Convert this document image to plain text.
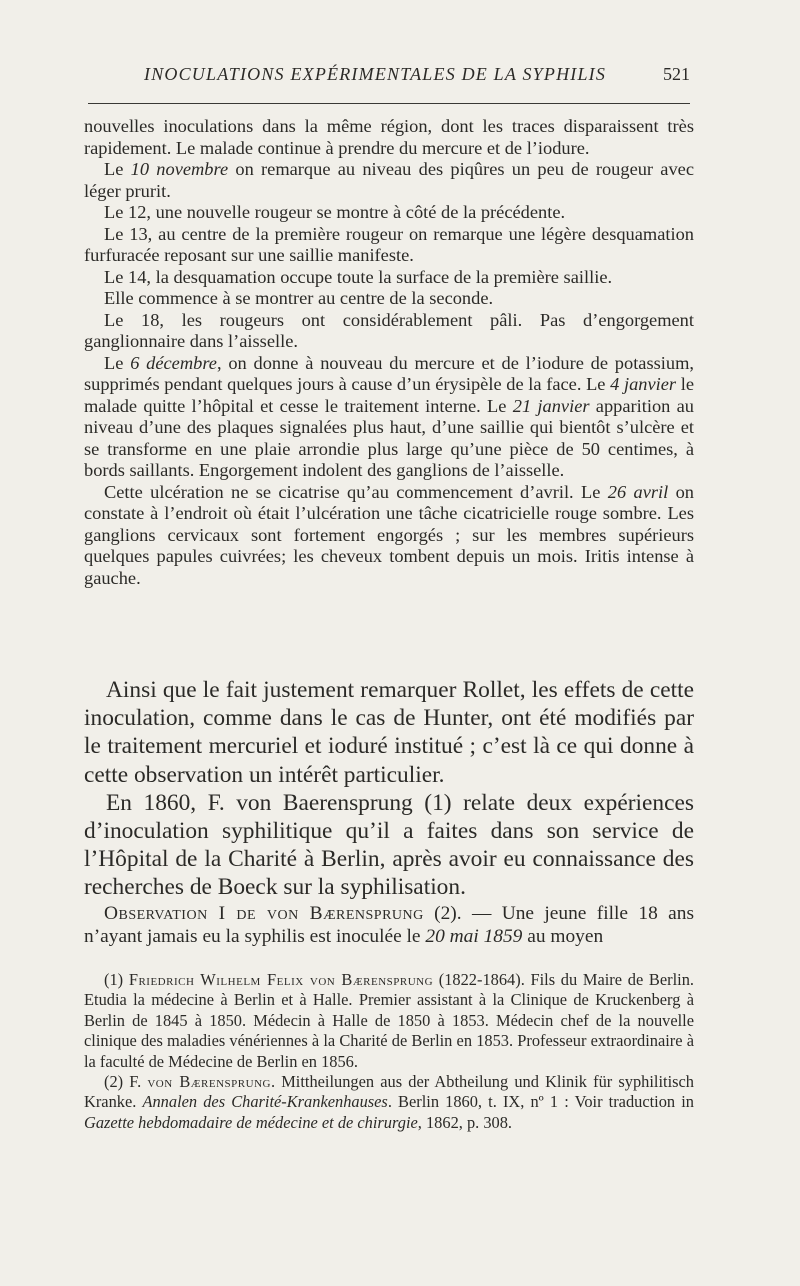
INOCULATIONS EXPÉRIMENTALES DE LA SYPHILIS	521

nouvelles inoculations dans la même région, dont les traces disparaissent très rapidement. Le malade continue à prendre du mercure et de l’iodure.

Le 10 novembre on remarque au niveau des piqûres un peu de rougeur avec léger prurit.

Le 12, une nouvelle rougeur se montre à côté de la précédente.

Le 13, au centre de la première rougeur on remarque une légère desquamation furfuracée reposant sur une saillie manifeste.

Le 14, la desquamation occupe toute la surface de la première saillie.

Elle commence à se montrer au centre de la seconde.

Le 18, les rougeurs ont considérablement pâli. Pas d’engorgement ganglionnaire dans l’aisselle.

Le 6 décembre, on donne à nouveau du mercure et de l’iodure de potassium, supprimés pendant quelques jours à cause d’un érysipèle de la face. Le 4 janvier le malade quitte l’hôpital et cesse le traitement interne. Le 21 janvier apparition au niveau d’une des plaques signalées plus haut, d’une saillie qui bientôt s’ulcère et se transforme en une plaie arrondie plus large qu’une pièce de 50 centimes, à bords saillants. Engorgement indolent des ganglions de l’aisselle.

Cette ulcération ne se cicatrise qu’au commencement d’avril. Le 26 avril on constate à l’endroit où était l’ulcération une tâche cicatricielle rouge sombre. Les ganglions cervicaux sont fortement engorgés ; sur les membres supérieurs quelques papules cuivrées; les cheveux tombent depuis un mois. Iritis intense à gauche.

Ainsi que le fait justement remarquer Rollet, les effets de cette inoculation, comme dans le cas de Hunter, ont été modifiés par le traitement mercuriel et ioduré institué ; c’est là ce qui donne à cette observation un intérêt particulier.

En 1860, F. von Baerensprung (1) relate deux expériences d’inoculation syphilitique qu’il a faites dans son service de l’Hôpital de la Charité à Berlin, après avoir eu connaissance des recherches de Boeck sur la syphilisation.

Observation I de von Bærensprung (2). — Une jeune fille 18 ans n’ayant jamais eu la syphilis est inoculée le 20 mai 1859 au moyen

(1) Friedrich Wilhelm Felix von Bærensprung (1822-1864). Fils du Maire de Berlin. Etudia la médecine à Berlin et à Halle. Premier assistant à la Clinique de Kruckenberg à Berlin de 1845 à 1850. Médecin à Halle de 1850 à 1853. Médecin chef de la nouvelle clinique des maladies vénériennes à la Charité de Berlin en 1853. Professeur extraordinaire à la faculté de Médecine de Berlin en 1856.

(2) F. von Bærensprung. Mittheilungen aus der Abtheilung und Klinik für syphilitisch Kranke. Annalen des Charité-Krankenhauses. Berlin 1860, t. IX, nº 1 : Voir traduction in Gazette hebdomadaire de médecine et de chirurgie, 1862, p. 308.
